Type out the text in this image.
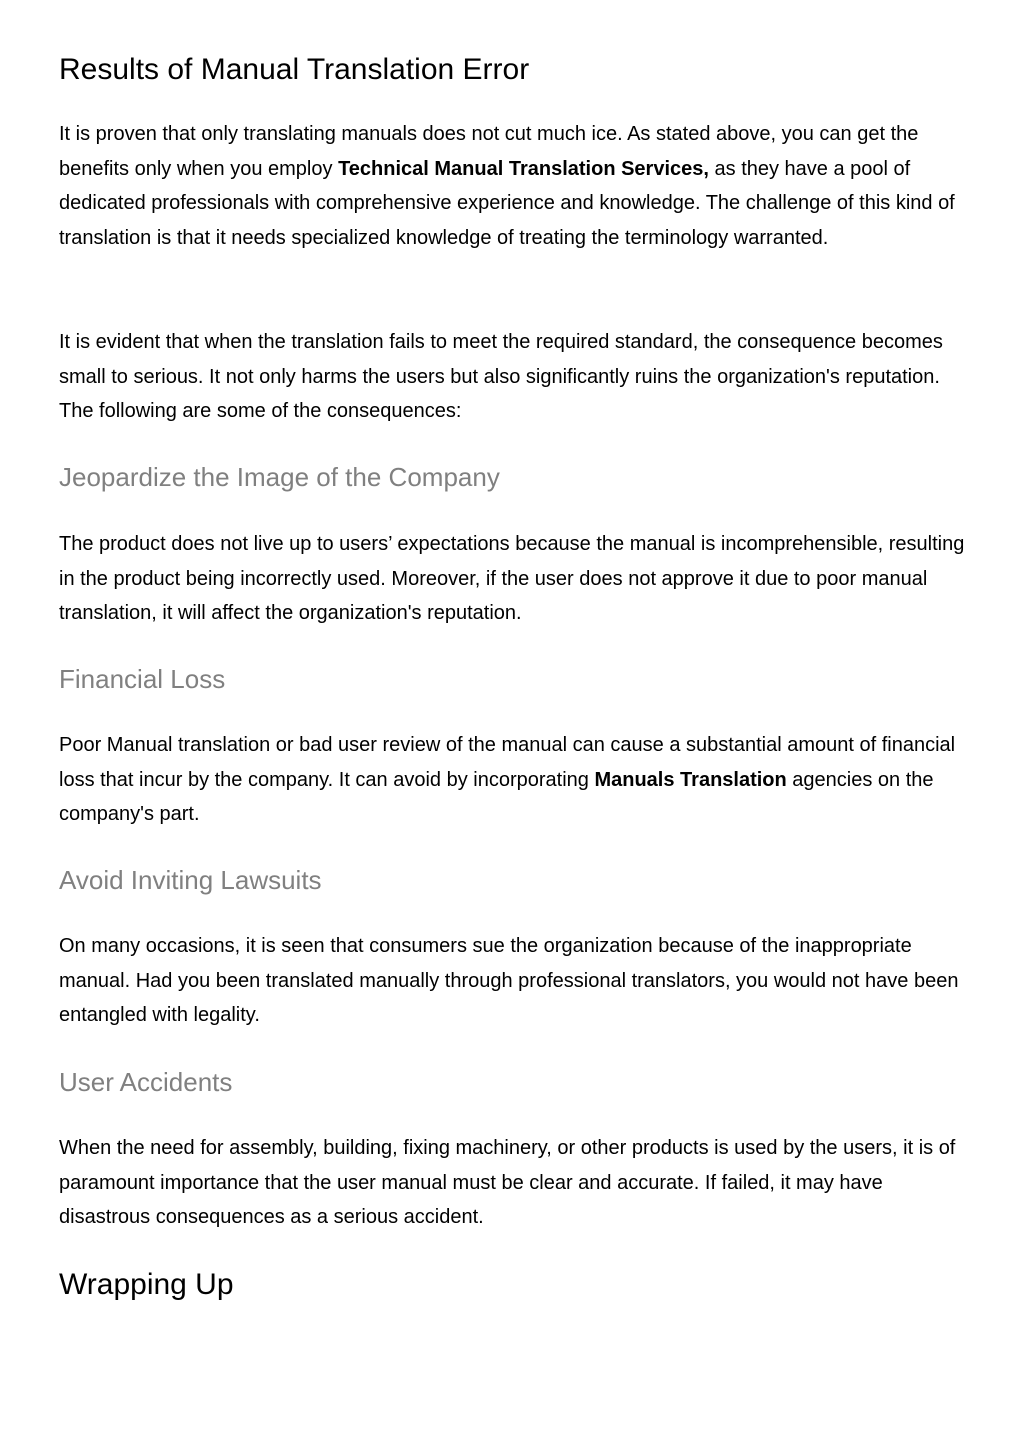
Results of Manual Translation Error

It is proven that only translating manuals does not cut much ice. As stated above, you can get the benefits only when you employ Technical Manual Translation Services, as they have a pool of dedicated professionals with comprehensive experience and knowledge. The challenge of this kind of translation is that it needs specialized knowledge of treating the terminology warranted.

It is evident that when the translation fails to meet the required standard, the consequence becomes small to serious. It not only harms the users but also significantly ruins the organization's reputation. The following are some of the consequences:

Jeopardize the Image of the Company

The product does not live up to users’ expectations because the manual is incomprehensible, resulting in the product being incorrectly used. Moreover, if the user does not approve it due to poor manual translation, it will affect the organization's reputation.

Financial Loss

Poor Manual translation or bad user review of the manual can cause a substantial amount of financial loss that incur by the company. It can avoid by incorporating Manuals Translation agencies on the company's part.

Avoid Inviting Lawsuits

On many occasions, it is seen that consumers sue the organization because of the inappropriate manual. Had you been translated manually through professional translators, you would not have been entangled with legality.

User Accidents

When the need for assembly, building, fixing machinery, or other products is used by the users, it is of paramount importance that the user manual must be clear and accurate. If failed, it may have disastrous consequences as a serious accident.

Wrapping Up
